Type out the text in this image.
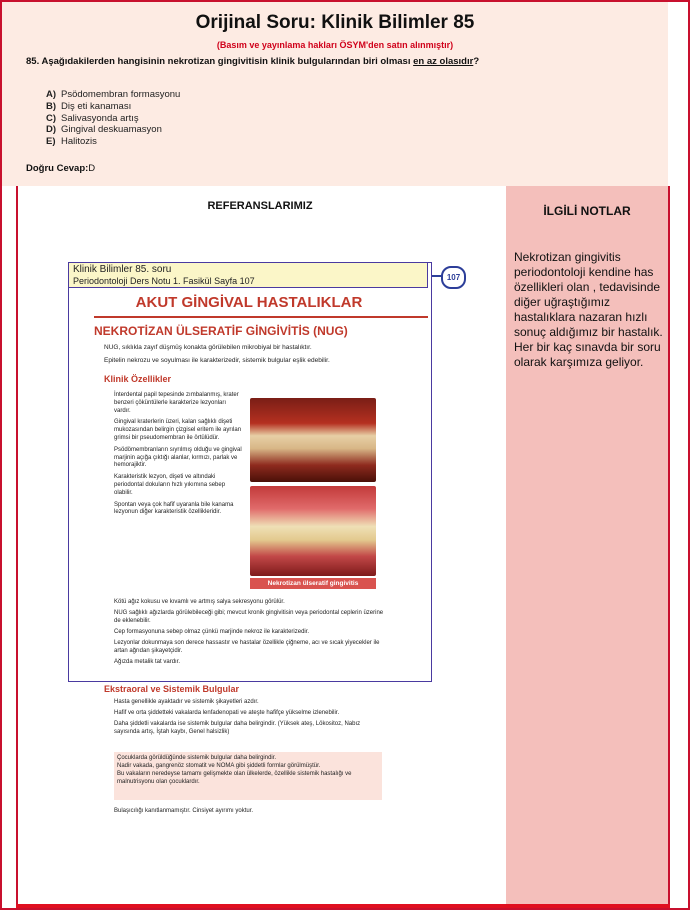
Orijinal Soru: Klinik Bilimler 85
(Basım ve yayınlama hakları ÖSYM'den satın alınmıştır)
85. Aşağıdakilerden hangisinin nekrotizan gingivitisin klinik bulgularından biri olması en az olasıdır?
A) Psödomembran formasyonu
B) Diş eti kanaması
C) Salivasyonda artış
D) Gingival deskuamasyon
E) Halitozis
Doğru Cevap:D
REFERANSLARIMIZ	İLGİLİ NOTLAR
Nekrotizan gingivitis periodontoloji kendine has özellikleri olan , tedavisinde diğer uğraştığımız hastalıklara nazaran hızlı sonuç aldığımız bir hastalık. Her bir kaç sınavda bir soru olarak karşımıza geliyor.
Klinik Bilimler 85. soru
Periodontoloji Ders Notu 1. Fasikül Sayfa 107	107
AKUT GİNGİVAL HASTALIKLAR
NEKROTİZAN ÜLSERATİF GİNGİVİTİS (NUG)
NUG, sıklıkla zayıf düşmüş konakta görülebilen mikrobiyal bir hastalıktır.
Epitelin nekrozu ve soyulması ile karakterizedir, sistemik bulgular eşlik edebilir.
Klinik Özellikler
İnterdental papil tepesinde zımbalanmış, krater benzeri çöküntülerle karakterize lezyonları vardır.
Gingival kraterlerin üzeri, kalan sağlıklı dişeti mukozasından belirgin çizgisel eritem ile ayrılan grimsi bir pseudomembran ile örtülüdür.
Psödömembranların sıyrılmış olduğu ve gingival marjinin açığa çıktığı alanlar, kırmızı, parlak ve hemorajiktir.
Karakteristik lezyon, dişeti ve altındaki periodontal dokuların hızlı yıkımına sebep olabilir.
Spontan veya çok hafif uyaranla bile kanama lezyonun diğer karakteristik özellikleridir.
Nekrotizan ülseratif gingivitis
Kötü ağız kokusu ve kıvamlı ve artmış salya sekresyonu görülür.
NUG sağlıklı ağızlarda görülebileceği gibi; mevcut kronik gingivitisin veya periodontal ceplerin üzerine de eklenebilir.
Cep formasyonuna sebep olmaz çünkü marjinde nekroz ile karakterizedir.
Lezyonlar dokunmaya son derece hassastır ve hastalar özellikle çiğneme, acı ve sıcak yiyecekler ile artan ağrıdan şikayetçidir.
Ağızda metalik tat vardır.
Ekstraoral ve Sistemik Bulgular
Hasta genellikle ayaktadır ve sistemik şikayetleri azdır.
Hafif ve orta şiddetteki vakalarda lenfadenopati ve ateşte hafifçe yükselme izlenebilir.
Daha şiddetli vakalarda ise sistemik bulgular daha belirgindir. (Yüksek ateş, Lökositoz, Nabız sayısında artış, İştah kaybı, Genel halsizlik)
Çocuklarda görüldüğünde sistemik bulgular daha belirgindir.
Nadir vakada, gangrenöz stomatit ve NOMA gibi şiddetli formlar görülmüştür.
Bu vakaların neredeyse tamamı gelişmekte olan ülkelerde, özellikle sistemik hastalığı ve malnutrisyonu olan çocuklardır.
Bulaşıcılığı kanıtlanmamıştır. Cinsiyet ayırımı yoktur.
